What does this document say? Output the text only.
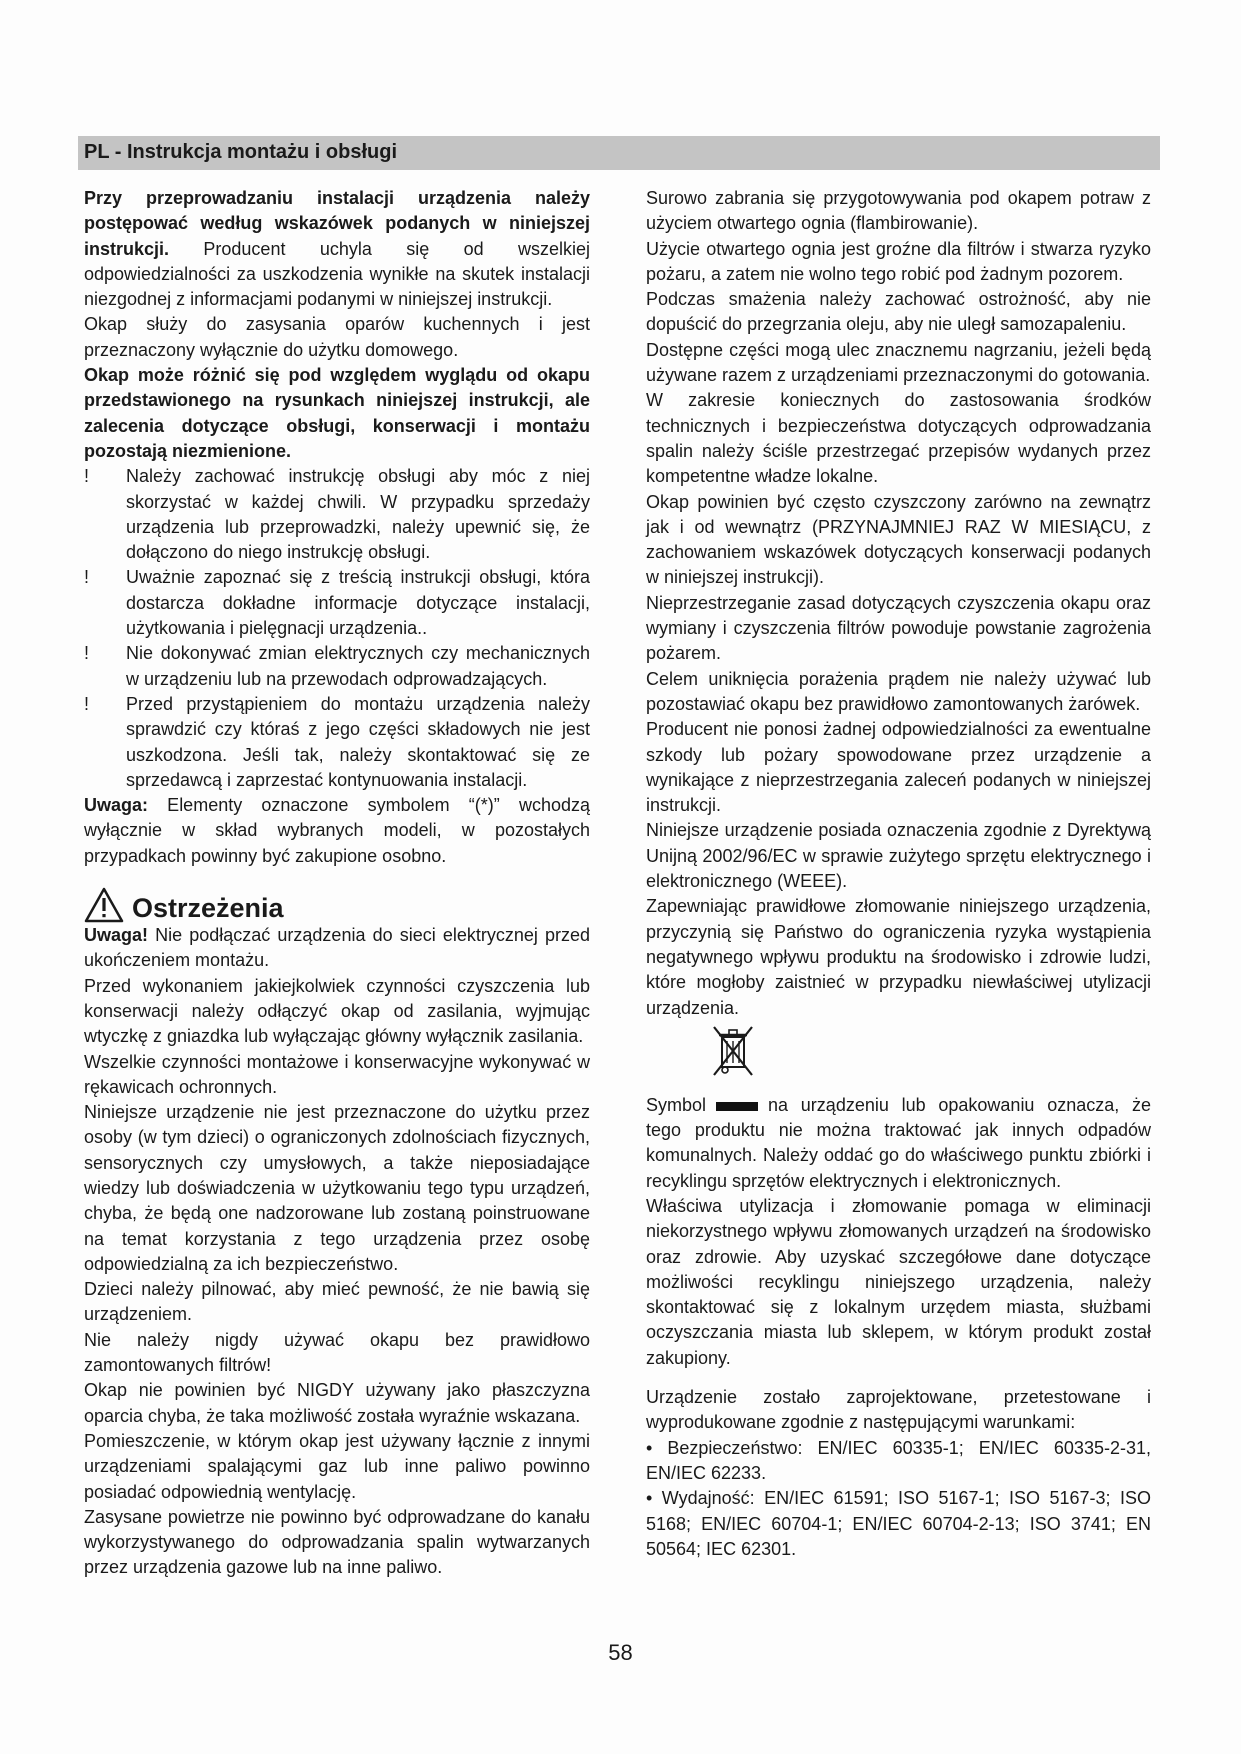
PL - Instrukcja montażu i obsługi

Przy przeprowadzaniu instalacji urządzenia należy postępować według wskazówek podanych w niniejszej instrukcji. Producent uchyla się od wszelkiej odpowiedzialności za uszkodzenia wynikłe na skutek instalacji niezgodnej z informacjami podanymi w niniejszej instrukcji.

Okap służy do zasysania oparów kuchennych i jest przeznaczony wyłącznie do użytku domowego.

Okap może różnić się pod względem wyglądu od okapu przedstawionego na rysunkach niniejszej instrukcji, ale zalecenia dotyczące obsługi, konserwacji i montażu pozostają niezmienione.

!	Należy zachować instrukcję obsługi aby móc z niej skorzystać w każdej chwili. W przypadku sprzedaży urządzenia lub przeprowadzki, należy upewnić się, że dołączono do niego instrukcję obsługi.
!	Uważnie zapoznać się z treścią instrukcji obsługi, która dostarcza dokładne informacje dotyczące instalacji, użytkowania i pielęgnacji urządzenia..
!	Nie dokonywać zmian elektrycznych czy mechanicznych w urządzeniu lub na przewodach odprowadzających.
!	Przed przystąpieniem do montażu urządzenia należy sprawdzić czy któraś z jego części składowych nie jest uszkodzona. Jeśli tak, należy skontaktować się ze sprzedawcą i zaprzestać kontynuowania instalacji.

Uwaga: Elementy oznaczone symbolem “(*)” wchodzą wyłącznie w skład wybranych modeli, w pozostałych przypadkach powinny być zakupione osobno.

Ostrzeżenia

Uwaga! Nie podłączać urządzenia do sieci elektrycznej przed ukończeniem montażu.

Przed wykonaniem jakiejkolwiek czynności czyszczenia lub konserwacji należy odłączyć okap od zasilania, wyjmując wtyczkę z gniazdka lub wyłączając główny wyłącznik zasilania.

Wszelkie czynności montażowe i konserwacyjne wykonywać w rękawicach ochronnych.

Niniejsze urządzenie nie jest przeznaczone do użytku przez osoby (w tym dzieci) o ograniczonych zdolnościach fizycznych, sensorycznych czy umysłowych, a także nieposiadające wiedzy lub doświadczenia w użytkowaniu tego typu urządzeń, chyba, że będą one nadzorowane lub zostaną poinstruowane na temat korzystania z tego urządzenia przez osobę odpowiedzialną za ich bezpieczeństwo.

Dzieci należy pilnować, aby mieć pewność, że nie bawią się urządzeniem.

Nie należy nigdy używać okapu bez prawidłowo zamontowanych filtrów!

Okap nie powinien być NIGDY używany jako płaszczyzna oparcia chyba, że taka możliwość została wyraźnie wskazana.

Pomieszczenie, w którym okap jest używany łącznie z innymi urządzeniami spalającymi gaz lub inne paliwo powinno posiadać odpowiednią wentylację.

Zasysane powietrze nie powinno być odprowadzane do kanału wykorzystywanego do odprowadzania spalin wytwarzanych przez urządzenia gazowe lub na inne paliwo.

Surowo zabrania się przygotowywania pod okapem potraw z użyciem otwartego ognia (flambirowanie).

Użycie otwartego ognia jest groźne dla filtrów i stwarza ryzyko pożaru, a zatem nie wolno tego robić pod żadnym pozorem.

Podczas smażenia należy zachować ostrożność, aby nie dopuścić do przegrzania oleju, aby nie uległ samozapaleniu.

Dostępne części mogą ulec znacznemu nagrzaniu, jeżeli będą używane razem z urządzeniami przeznaczonymi do gotowania.

W zakresie koniecznych do zastosowania środków technicznych i bezpieczeństwa dotyczących odprowadzania spalin należy ściśle przestrzegać przepisów wydanych przez kompetentne władze lokalne.

Okap powinien być często czyszczony zarówno na zewnątrz jak i od wewnątrz (PRZYNAJMNIEJ RAZ W MIESIĄCU, z zachowaniem wskazówek dotyczących konserwacji podanych w niniejszej instrukcji).

Nieprzestrzeganie zasad dotyczących czyszczenia okapu oraz wymiany i czyszczenia filtrów powoduje powstanie zagrożenia pożarem.

Celem uniknięcia porażenia prądem nie należy używać lub pozostawiać okapu bez prawidłowo zamontowanych żarówek.

Producent nie ponosi żadnej odpowiedzialności za ewentualne szkody lub pożary spowodowane przez urządzenie a wynikające z nieprzestrzegania zaleceń podanych w niniejszej instrukcji.

Niniejsze urządzenie posiada oznaczenia zgodnie z Dyrektywą Unijną 2002/96/EC w sprawie zużytego sprzętu elektrycznego i elektronicznego (WEEE).

Zapewniając prawidłowe złomowanie niniejszego urządzenia, przyczynią się Państwo do ograniczenia ryzyka wystąpienia negatywnego wpływu produktu na środowisko i zdrowie ludzi, które mogłoby zaistnieć w przypadku niewłaściwej utylizacji urządzenia.

Symbol	na urządzeniu lub opakowaniu oznacza, że tego produktu nie można traktować jak innych odpadów komunalnych. Należy oddać go do właściwego punktu zbiórki i recyklingu sprzętów elektrycznych i elektronicznych.

Właściwa utylizacja i złomowanie pomaga w eliminacji niekorzystnego wpływu złomowanych urządzeń na środowisko oraz zdrowie. Aby uzyskać szczegółowe dane dotyczące możliwości recyklingu niniejszego urządzenia, należy skontaktować się z lokalnym urzędem miasta, służbami oczyszczania miasta lub sklepem, w którym produkt został zakupiony.

Urządzenie zostało zaprojektowane, przetestowane i wyprodukowane zgodnie z następującymi warunkami:

• Bezpieczeństwo: EN/IEC 60335-1; EN/IEC 60335-2-31, EN/IEC 62233.

• Wydajność: EN/IEC 61591; ISO 5167-1; ISO 5167-3; ISO 5168; EN/IEC 60704-1; EN/IEC 60704-2-13; ISO 3741; EN 50564; IEC 62301.

58
